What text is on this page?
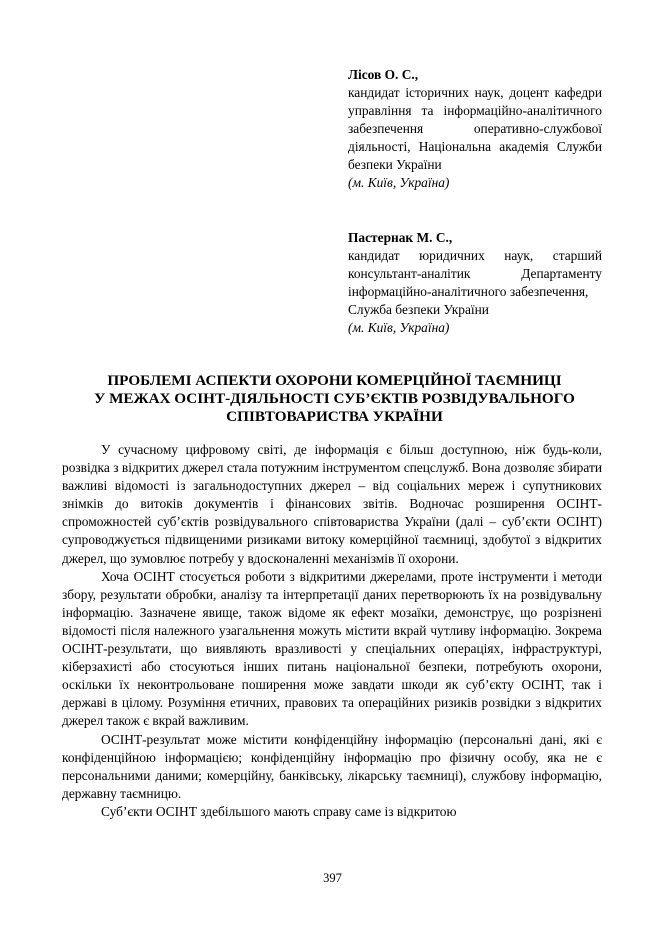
Лісов О. С.,
кандидат історичних наук, доцент кафедри управління та інформаційно-аналітичного забезпечення оперативно-службової діяльності, Національна академія Служби безпеки України
(м. Київ, Україна)
Пастернак М. С.,
кандидат юридичних наук, старший консультант-аналітик Департаменту інформаційно-аналітичного забезпечення,
Служба безпеки України
(м. Київ, Україна)
ПРОБЛЕМІ АСПЕКТИ ОХОРОНИ КОМЕРЦІЙНОЇ ТАЄМНИЦІ
У МЕЖАХ ОСІНТ-ДІЯЛЬНОСТІ СУБ’ЄКТІВ РОЗВІДУВАЛЬНОГО
СПІВТОВАРИСТВА УКРАЇНИ

У сучасному цифровому світі, де інформація є більш доступною, ніж будь-коли, розвідка з відкритих джерел стала потужним інструментом спецслужб. Вона дозволяє збирати важливі відомості із загальнодоступних джерел – від соціальних мереж і супутникових знімків до витоків документів і фінансових звітів. Водночас розширення ОСІНТ-спроможностей суб’єктів розвідувального співтовариства України (далі – суб’єкти ОСІНТ) супроводжується підвищеними ризиками витоку комерційної таємниці, здобутої з відкритих джерел, що зумовлює потребу у вдосконаленні механізмів її охорони.

Хоча ОСІНТ стосується роботи з відкритими джерелами, проте інструменти і методи збору, результати обробки, аналізу та інтерпретації даних перетворюють їх на розвідувальну інформацію. Зазначене явище, також відоме як ефект мозаїки, демонструє, що розрізнені відомості після належного узагальнення можуть містити вкрай чутливу інформацію. Зокрема ОСІНТ-результати, що виявляють вразливості у спеціальних операціях, інфраструктурі, кіберзахисті або стосуються інших питань національної безпеки, потребують охорони, оскільки їх неконтрольоване поширення може завдати шкоди як суб’єкту ОСІНТ, так і державі в цілому. Розуміння етичних, правових та операційних ризиків розвідки з відкритих джерел також є вкрай важливим.

ОСІНТ-результат може містити конфіденційну інформацію (персональні дані, які є конфіденційною інформацією; конфіденційну інформацію про фізичну особу, яка не є персональними даними; комерційну, банківську, лікарську таємниці), службову інформацію, державну таємницю.

Суб’єкти ОСІНТ здебільшого мають справу саме із відкритою

397
